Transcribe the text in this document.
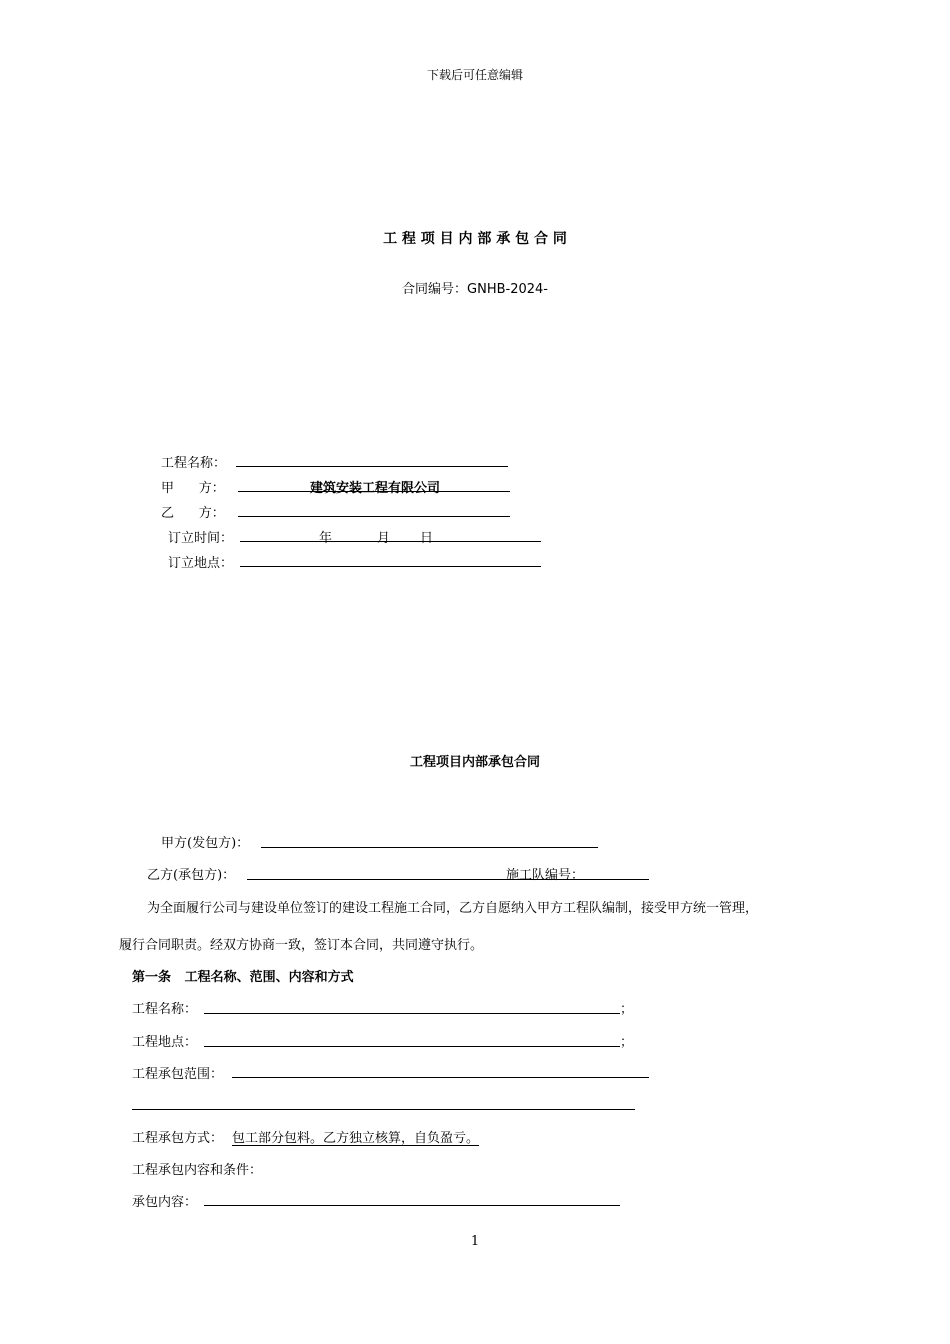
下载后可任意编辑
工 程 项 目 内 部 承 包 合 同
合同编号：GNHB-2024-
工程名称：
甲      方：	建筑安装工程有限公司
乙      方：
订立时间：	年	月 日
订立地点：
工程项目内部承包合同
甲方(发包方)：
乙方(承包方)：	施工队编号：
为全面履行公司与建设单位签订的建设工程施工合同，乙方自愿纳入甲方工程队编制，接受甲方统一管理，
履行合同职责。经双方协商一致，签订本合同，共同遵守执行。
第一条   工程名称、范围、内容和方式
工程名称：	；
工程地点：	；
工程承包范围：
工程承包方式： 包工部分包料。乙方独立核算，自负盈亏。
工程承包内容和条件：
承包内容：
1
